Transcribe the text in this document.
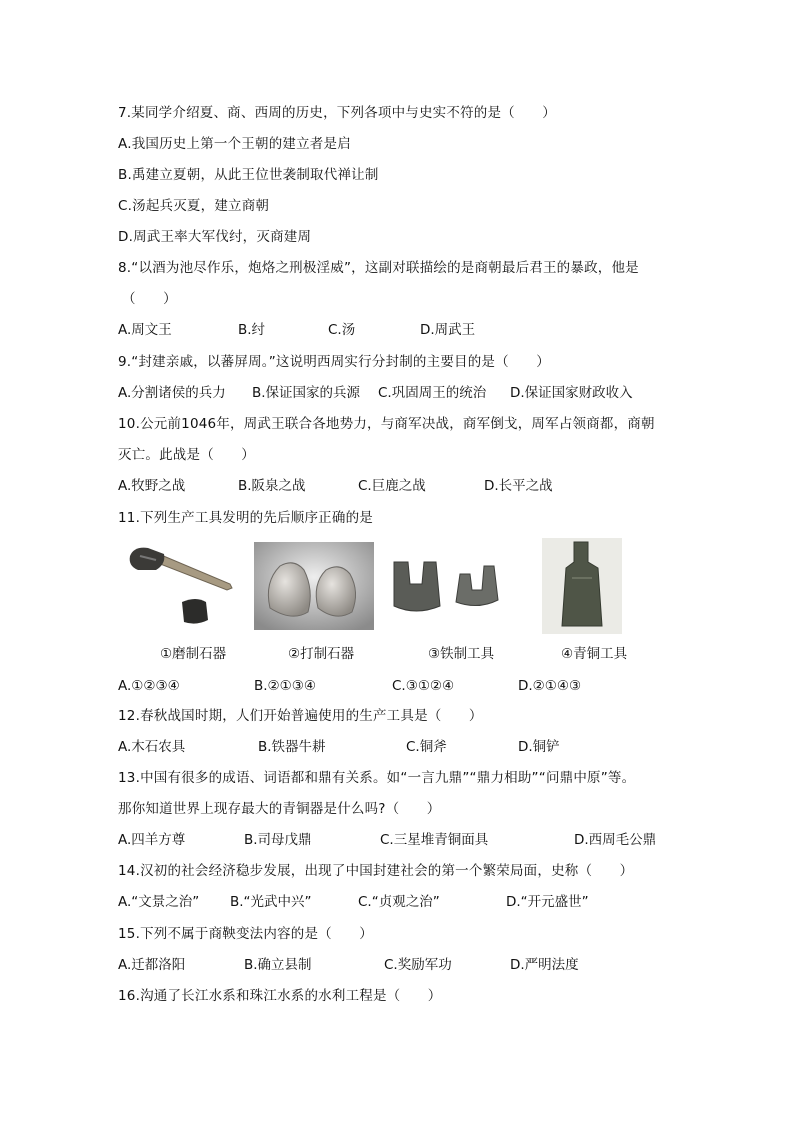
7.某同学介绍夏、商、西周的历史，下列各项中与史实不符的是（　　）
A.我国历史上第一个王朝的建立者是启
B.禹建立夏朝，从此王位世袭制取代禅让制
C.汤起兵灭夏，建立商朝
D.周武王率大军伐纣，灭商建周
8.“以酒为池尽作乐，炮烙之刑极淫威”，这副对联描绘的是商朝最后君王的暴政，他是
（　　）
A.周文王	B.纣	C.汤	D.周武王
9.“封建亲戚，以蕃屏周。”这说明西周实行分封制的主要目的是（　　）
A.分割诸侯的兵力 B.保证国家的兵源 C.巩固周王的统治 D.保证国家财政收入
10.公元前1046年，周武王联合各地势力，与商军决战，商军倒戈，周军占领商都，商朝
灭亡。此战是（　　）
A.牧野之战	B.阪泉之战	C.巨鹿之战	D.长平之战
11.下列生产工具发明的先后顺序正确的是
①磨制石器	②打制石器	③铁制工具	④青铜工具
A.①②③④	B.②①③④	C.③①②④	D.②①④③
12.春秋战国时期，人们开始普遍使用的生产工具是（　　）
A.木石农具	B.铁器牛耕	C.铜斧	D.铜铲
13.中国有很多的成语、词语都和鼎有关系。如“一言九鼎”“鼎力相助”“问鼎中原”等。
那你知道世界上现存最大的青铜器是什么吗?（　　）
A.四羊方尊	B.司母戊鼎	C.三星堆青铜面具	D.西周毛公鼎
14.汉初的社会经济稳步发展，出现了中国封建社会的第一个繁荣局面，史称（　　）
A.“文景之治” B.“光武中兴”	C.“贞观之治”	D.“开元盛世”
15.下列不属于商鞅变法内容的是（　　）
A.迁都洛阳	B.确立县制	C.奖励军功	D.严明法度
16.沟通了长江水系和珠江水系的水利工程是（　　）
